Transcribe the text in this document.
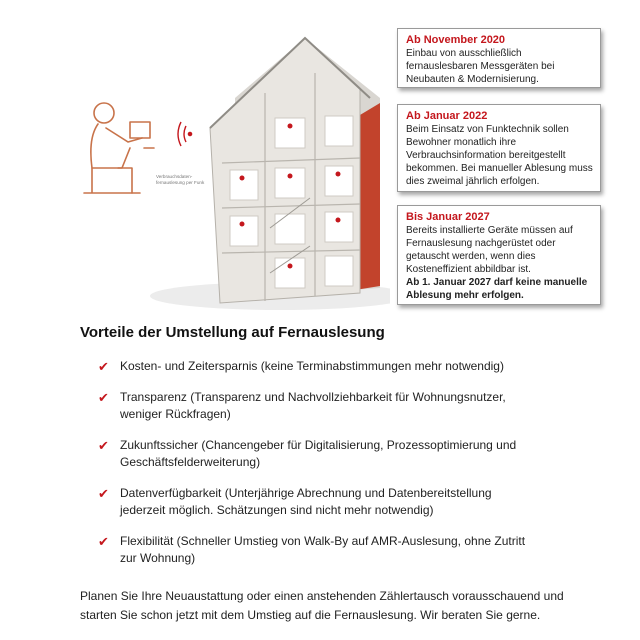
Verbrauchsdaten-
fernauslesung per Funk
Ab November 2020
Einbau von ausschließlich fernauslesbaren Messgeräten bei Neubauten & Modernisierung.
Ab Januar 2022
Beim Einsatz von Funktechnik sollen Bewohner monatlich ihre Verbrauchsinformation bereitgestellt bekommen. Bei manueller Ablesung muss dies zweimal jährlich erfolgen.
Bis Januar 2027
Bereits installierte Geräte müssen auf Fernauslesung nachgerüstet oder getauscht werden, wenn dies Kosteneffizient abbildbar ist.
Ab 1. Januar 2027 darf keine manuelle Ablesung mehr erfolgen.
Vorteile der Umstellung auf Fernauslesung
✔ Kosten- und Zeitersparnis (keine Terminabstimmungen mehr notwendig)
✔ Transparenz (Transparenz und Nachvollziehbarkeit für Wohnungsnutzer, weniger Rückfragen)
✔ Zukunftssicher (Chancengeber für Digitalisierung, Prozessoptimierung und Geschäftsfelderweiterung)
✔ Datenverfügbarkeit (Unterjährige Abrechnung und Datenbereitstellung jederzeit möglich. Schätzungen sind nicht mehr notwendig)
✔ Flexibilität (Schneller Umstieg von Walk-By auf AMR-Auslesung, ohne Zutritt zur Wohnung)
Planen Sie Ihre Neuaustattung oder einen anstehenden Zählertausch vorausschauend und starten Sie schon jetzt mit dem Umstieg auf die Fernauslesung. Wir beraten Sie gerne.
